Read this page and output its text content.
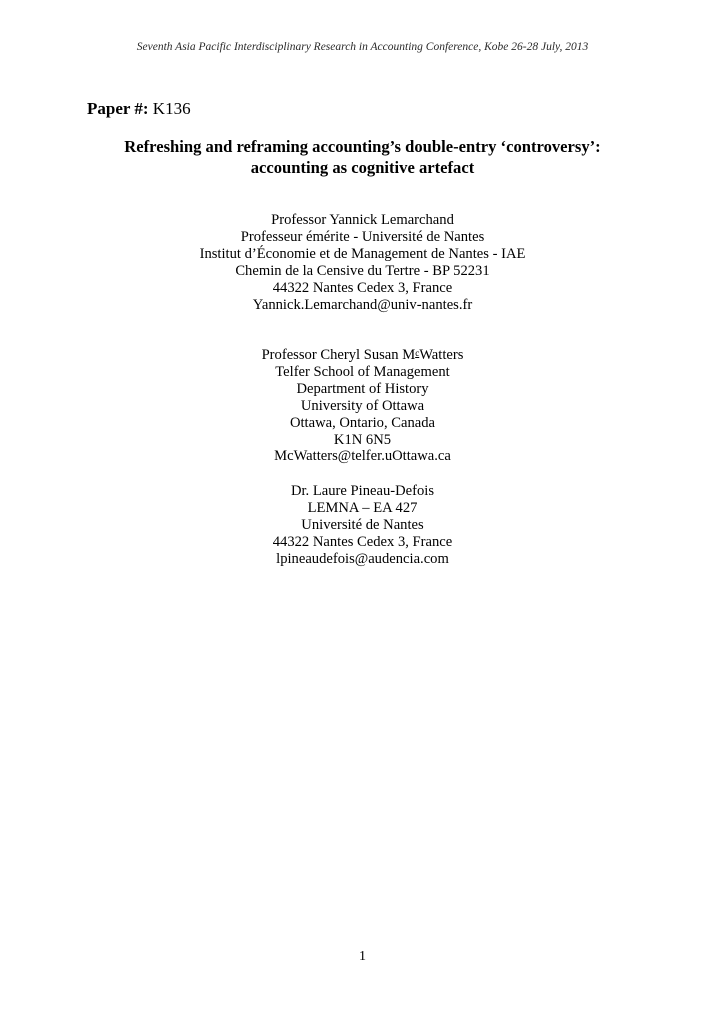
Seventh Asia Pacific Interdisciplinary Research in Accounting Conference, Kobe 26-28 July, 2013
Paper #: K136
Refreshing and reframing accounting’s double-entry ‘controversy’:
accounting as cognitive artefact
Professor Yannick Lemarchand
Professeur émérite - Université de Nantes
Institut d’Économie et de Management de Nantes - IAE
Chemin de la Censive du Tertre - BP 52231
44322 Nantes Cedex 3, France
Yannick.Lemarchand@univ-nantes.fr
Professor Cheryl Susan $M^cWatters$
Telfer School of Management
Department of History
University of Ottawa
Ottawa, Ontario, Canada
K1N 6N5
McWatters@telfer.uOttawa.ca
Dr. Laure Pineau-Defois
LEMNA – EA 427
Université de Nantes
44322 Nantes Cedex 3, France
lpineaudefois@audencia.com
1
